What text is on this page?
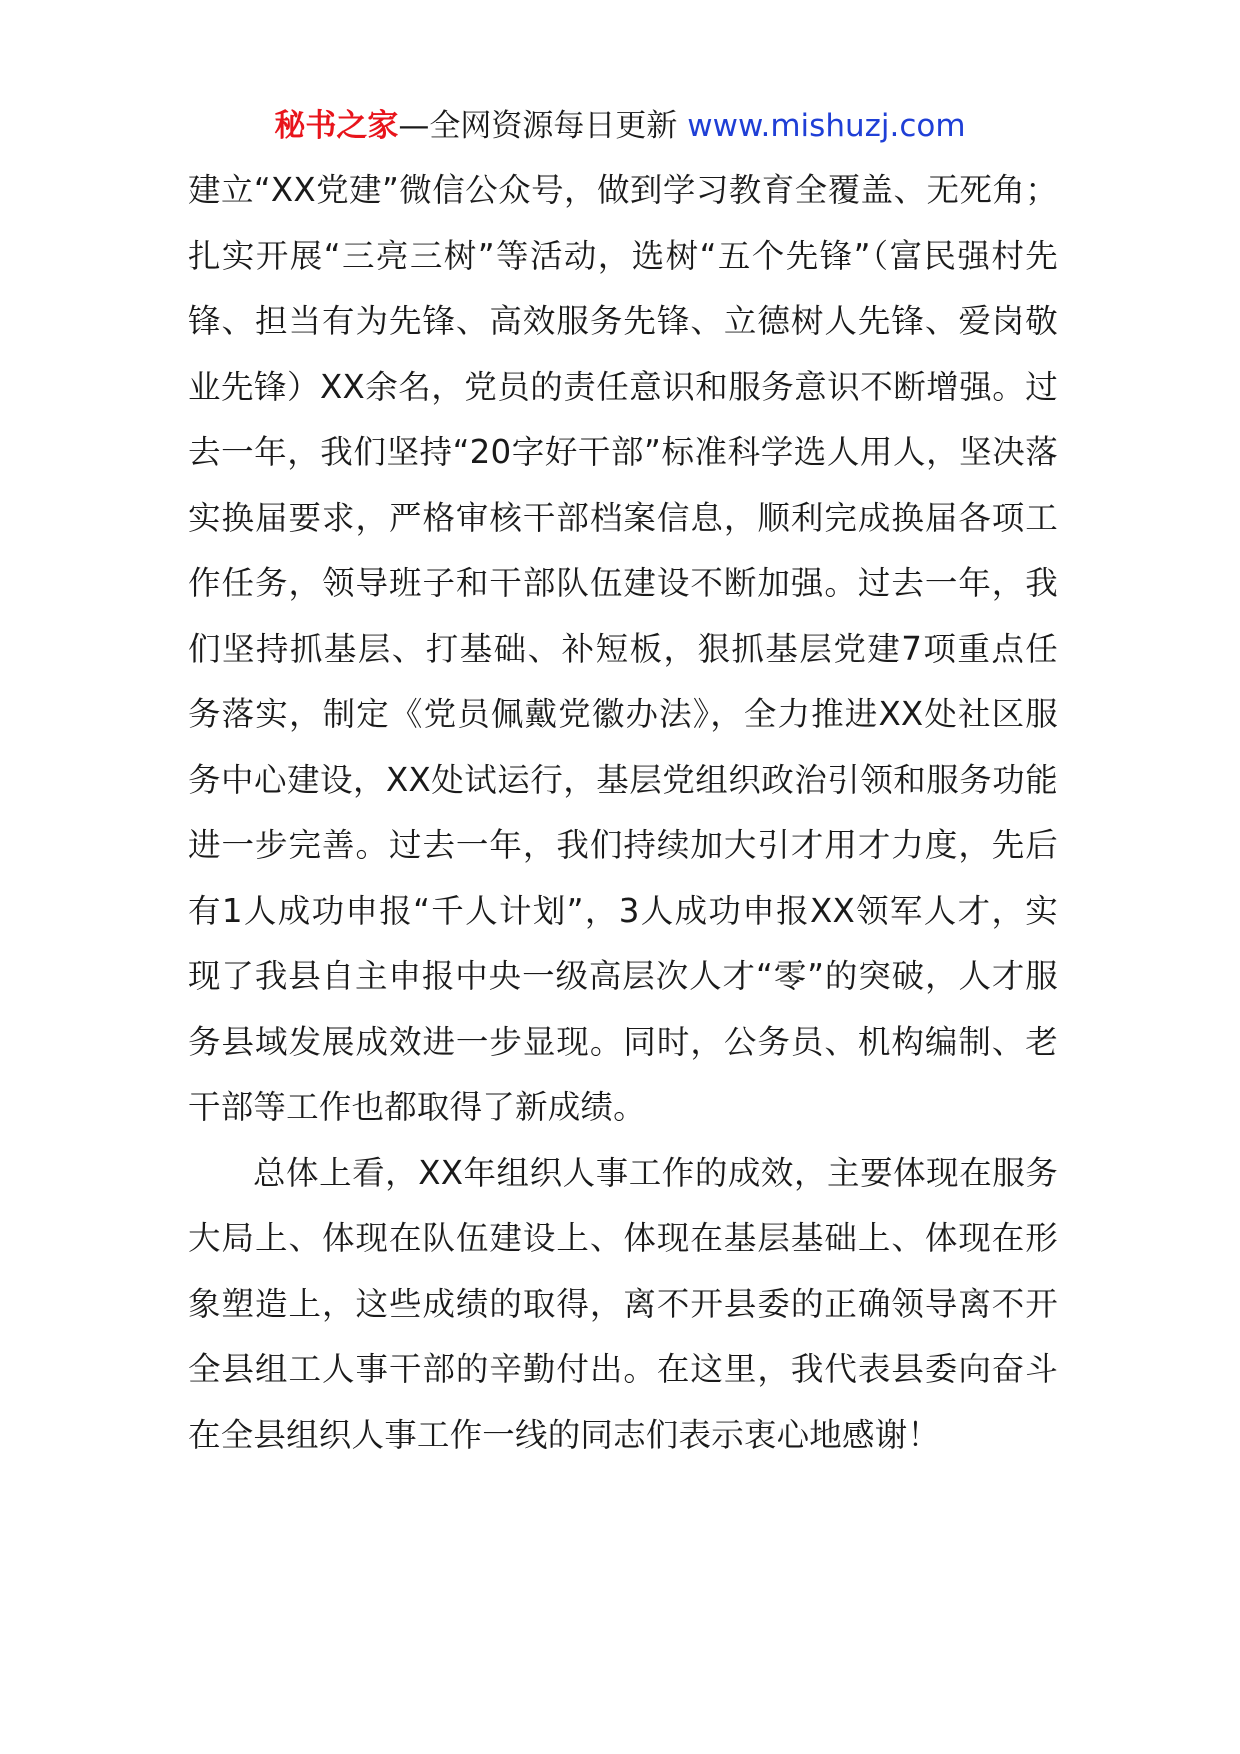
秘书之家—全网资源每日更新 www.mishuzj.com

建立“XX党建”微信公众号，做到学习教育全覆盖、无死角；扎实开展“三亮三树”等活动，选树“五个先锋”（富民强村先锋、担当有为先锋、高效服务先锋、立德树人先锋、爱岗敬业先锋）XX余名，党员的责任意识和服务意识不断增强。过去一年，我们坚持“20字好干部”标准科学选人用人，坚决落实换届要求，严格审核干部档案信息，顺利完成换届各项工作任务，领导班子和干部队伍建设不断加强。过去一年，我们坚持抓基层、打基础、补短板，狠抓基层党建7项重点任务落实，制定《党员佩戴党徽办法》，全力推进XX处社区服务中心建设，XX处试运行，基层党组织政治引领和服务功能进一步完善。过去一年，我们持续加大引才用才力度，先后有1人成功申报“千人计划”，3人成功申报XX领军人才，实现了我县自主申报中央一级高层次人才“零”的突破，人才服务县域发展成效进一步显现。同时，公务员、机构编制、老干部等工作也都取得了新成绩。

总体上看，XX年组织人事工作的成效，主要体现在服务大局上、体现在队伍建设上、体现在基层基础上、体现在形象塑造上，这些成绩的取得，离不开县委的正确领导离不开全县组工人事干部的辛勤付出。在这里，我代表县委向奋斗在全县组织人事工作一线的同志们表示衷心地感谢！
